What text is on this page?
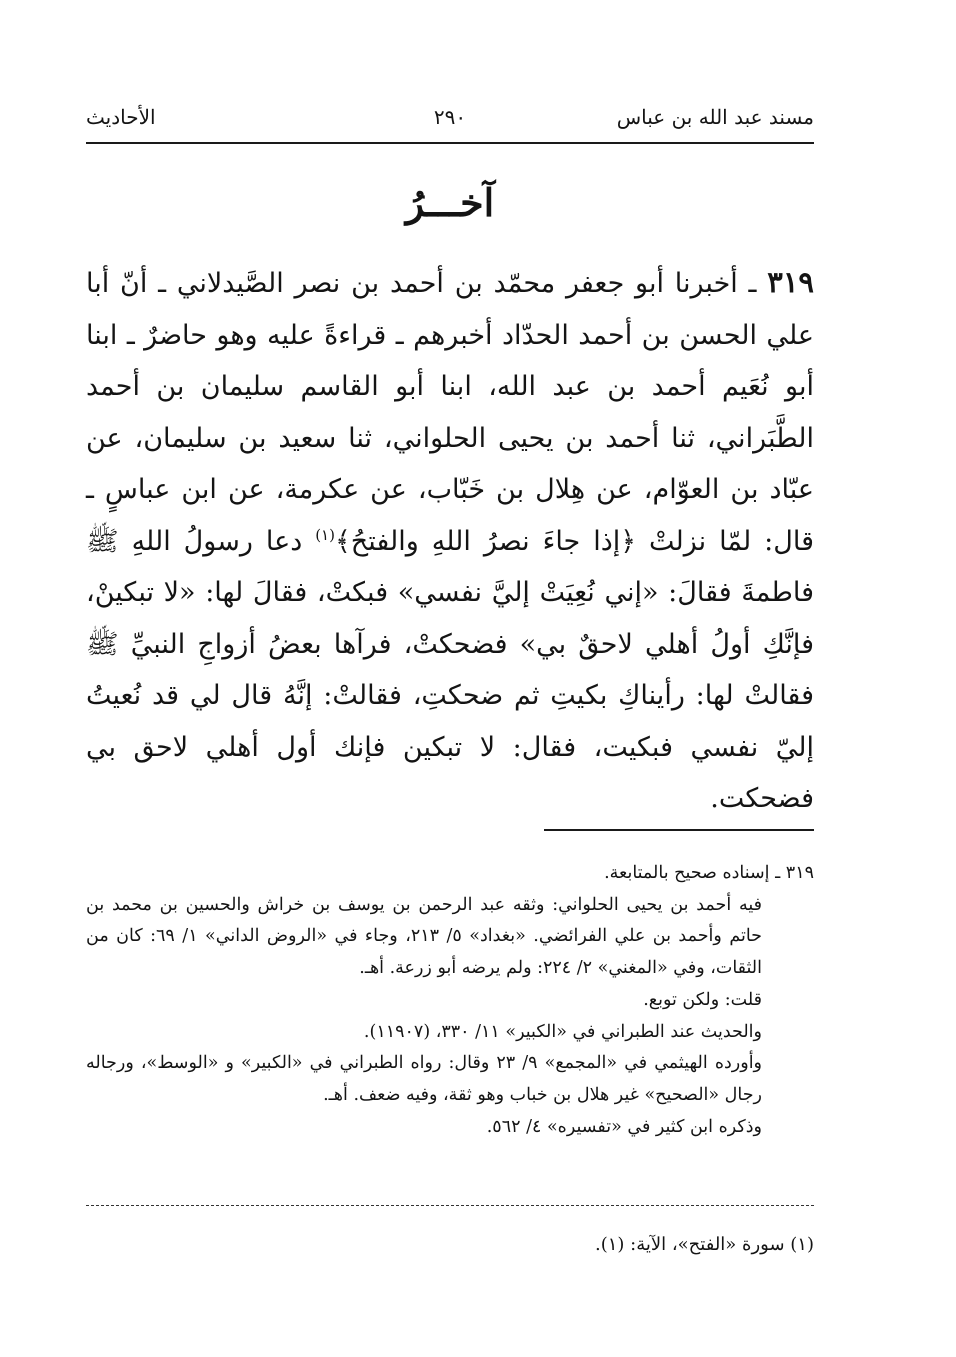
مسند عبد الله بن عباس
٢٩٠
الأحاديث
آخـــرُ

٣١٩ ـ أخبرنا أبو جعفر محمّد بن أحمد بن نصر الصَّيدلاني ـ أنّ أبا علي الحسن بن أحمد الحدّاد أخبرهم ـ قراءةً عليه وهو حاضرٌ ـ ابنا أبو نُعَيم أحمد بن عبد الله، ابنا أبو القاسم سليمان بن أحمد الطَّبَراني، ثنا أحمد بن يحيى الحلواني، ثنا سعيد بن سليمان، عن عبّاد بن العوّام، عن هِلال بن خَبّاب، عن عكرمة، عن ابن عباسٍ ـ قال: لمّا نزلتْ ﴿إذا جاءَ نصرُ اللهِ والفتحُ﴾$^{(١)}$ دعا رسولُ اللهِ ﷺ فاطمةَ فقالَ: «إني نُعِيَتْ إليَّ نفسي» فبكتْ، فقالَ لها: «لا تبكينْ، فإنَّكِ أولُ أهلي لاحقٌ بي» فضحكتْ، فرآها بعضُ أزواجِ النبيِّ ﷺ فقالتْ لها: رأيناكِ بكيتِ ثم ضحكتِ، فقالتْ: إنَّهُ قال لي قد نُعيتُ إليّ نفسي فبكيت، فقال: لا تبكين فإنك أول أهلي لاحق بي فضحكت.

٣١٩ ـ إسناده صحيح بالمتابعة.

فيه أحمد بن يحيى الحلواني: وثقه عبد الرحمن بن يوسف بن خراش والحسين بن محمد بن حاتم وأحمد بن علي الفرائضي. «بغداد» ٥/ ٢١٣، وجاء في «الروض الداني» ١/ ٦٩: كان من الثقات، وفي «المغني» ٢/ ٢٢٤: ولم يرضه أبو زرعة. أهـ.

قلت: ولكن توبع.

والحديث عند الطبراني في «الكبير» ١١/ ٣٣٠، (١١٩٠٧).

وأورده الهيثمي في «المجمع» ٩/ ٢٣ وقال: رواه الطبراني في «الكبير» و «الوسط»، ورجاله رجال «الصحيح» غير هلال بن خباب وهو ثقة، وفيه ضعف. أهـ.

وذكره ابن كثير في «تفسيره» ٤/ ٥٦٢.

(١) سورة «الفتح»، الآية: (١).
